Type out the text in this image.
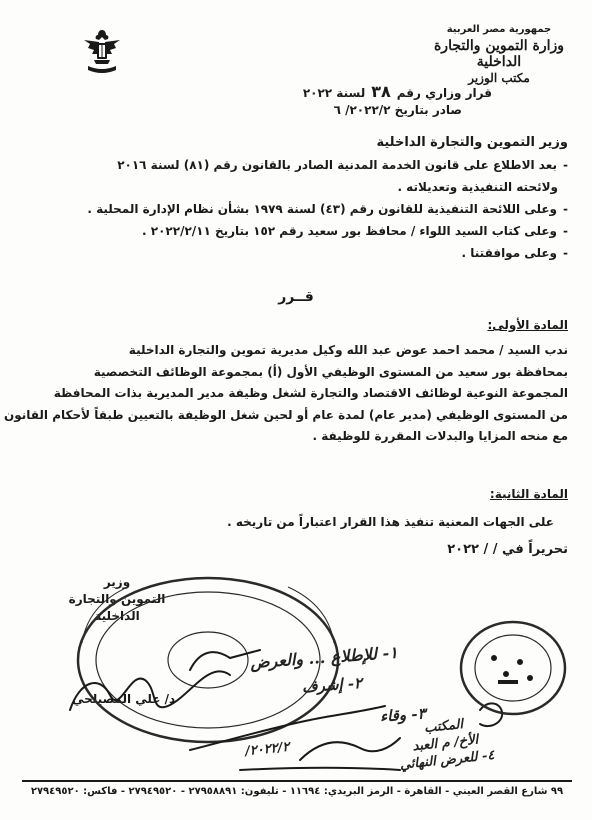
جمهورية مصر العربية
وزارة التموين والتجارة الداخلية
مكتب الوزير
قرار وزاري رقم٣٨لسنة ٢٠٢٢
صادر بتاريخ ٢٠٢٢/٢/ ٦
وزير التموين والتجارة الداخلية
-بعد الاطلاع على قانون الخدمة المدنية الصادر بالقانون رقم (٨١) لسنة ٢٠١٦
ولائحته التنفيذية وتعديلاته .
-وعلى اللائحة التنفيذية للقانون رقم (٤٣) لسنة ١٩٧٩ بشأن نظام الإدارة المحلية .
-وعلى كتاب السيد اللواء / محافظ بور سعيد رقم ١٥٢ بتاريخ ٢٠٢٢/٢/١١ .
-وعلى موافقتنا .
قــرر
المادة الأولى:
ندب السيد / محمد احمد عوض عبد الله وكيل مديرية تموين والتجارة الداخلية
بمحافظة بور سعيد من المستوى الوظيفي الأول (أ) بمجموعة الوظائف التخصصية
المجموعة النوعية لوظائف الاقتصاد والتجارة لشغل وظيفة مدير المديرية بذات المحافظة
من المستوى الوظيفي (مدير عام) لمدة عام أو لحين شغل الوظيفة بالتعيين طبقاً لأحكام القانون
مع منحه المزايا والبدلات المقررة للوظيفة .
المادة الثانية:
على الجهات المعنية تنفيذ هذا القرار اعتباراً من تاريخه .
تحريراً في / / ٢٠٢٢
وزير
التموين والتجارة الداخلية
د/ علي المصيلحي
١- للإطلاع ... والعرض
٢- إشرف
٣- وقاء
المكتب
الأخ/ م العبد
٤- للعرض النهائي
٢٠٢٢/٢/
٩٩ شارع القصر العيني - القاهرة - الرمز البريدي: ١١٦٩٤ - تليفون: ٢٧٩٥٨٨٩١ - ٢٧٩٤٩٥٢٠ - فاكس: ٢٧٩٤٩٥٢٠
